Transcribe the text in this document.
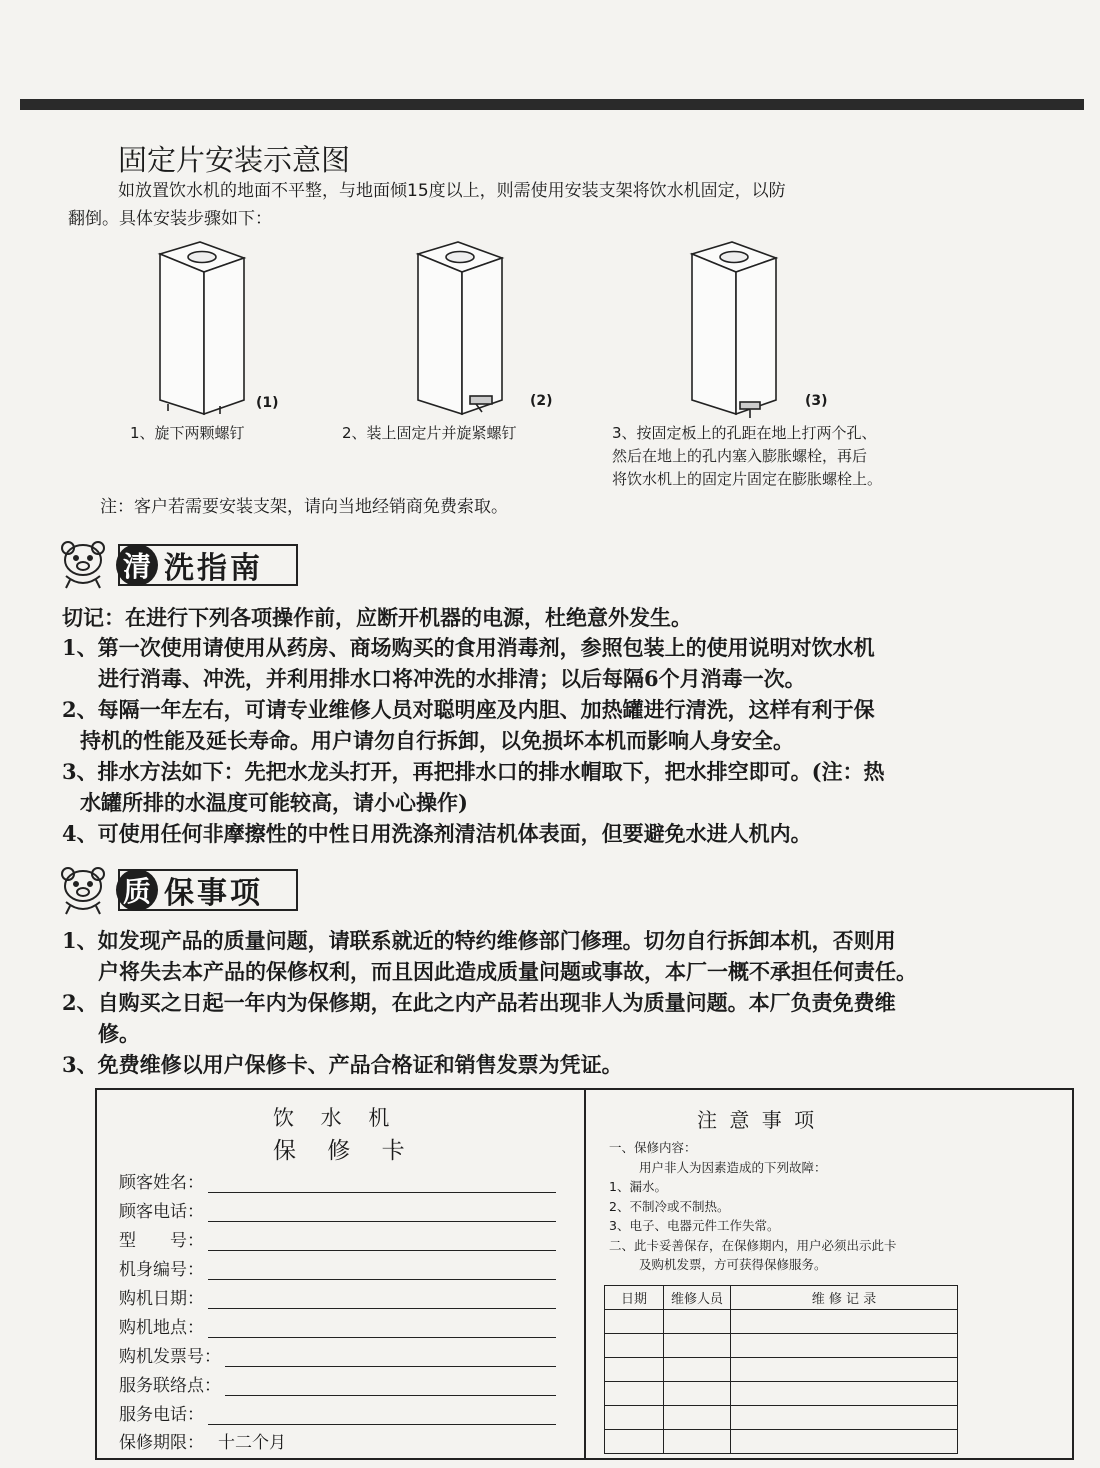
固定片安装示意图
如放置饮水机的地面不平整，与地面倾15度以上，则需使用安装支架将饮水机固定，以防
翻倒。具体安装步骤如下：
(1)	(2)	(3)
1、旋下两颗螺钉	2、装上固定片并旋紧螺钉	3、按固定板上的孔距在地上打两个孔、
然后在地上的孔内塞入膨胀螺栓，再后
将饮水机上的固定片固定在膨胀螺栓上。
注：客户若需要安装支架，请向当地经销商免费索取。
清 洗指南
切记：在进行下列各项操作前，应断开机器的电源，杜绝意外发生。
1、第一次使用请使用从药房、商场购买的食用消毒剂，参照包装上的使用说明对饮水机
进行消毒、冲洗，并利用排水口将冲洗的水排清；以后每隔6个月消毒一次。
2、每隔一年左右，可请专业维修人员对聪明座及内胆、加热罐进行清洗，这样有利于保
持机的性能及延长寿命。用户请勿自行拆卸，以免损坏本机而影响人身安全。
3、排水方法如下：先把水龙头打开，再把排水口的排水帽取下，把水排空即可。(注：热
水罐所排的水温度可能较高，请小心操作)
4、可使用任何非摩擦性的中性日用洗涤剂清洁机体表面，但要避免水进人机内。
质 保事项
1、如发现产品的质量问题，请联系就近的特约维修部门修理。切勿自行拆卸本机，否则用
户将失去本产品的保修权利，而且因此造成质量问题或事故，本厂一概不承担任何责任。
2、自购买之日起一年内为保修期，在此之内产品若出现非人为质量问题。本厂负责免费维
修。
3、免费维修以用户保修卡、产品合格证和销售发票为凭证。
饮 水 机
保 修 卡
顾客姓名：
顾客电话：
型　　号：
机身编号：
购机日期：
购机地点：
购机发票号：
服务联络点：
服务电话：
保修期限： 十二个月
注 意 事 项
一、保修内容：
用户非人为因素造成的下列故障：
1、漏水。
2、不制冷或不制热。
3、电子、电器元件工作失常。
二、此卡妥善保存，在保修期内，用户必须出示此卡
及购机发票，方可获得保修服务。
日期	维修人员	维 修 记 录
